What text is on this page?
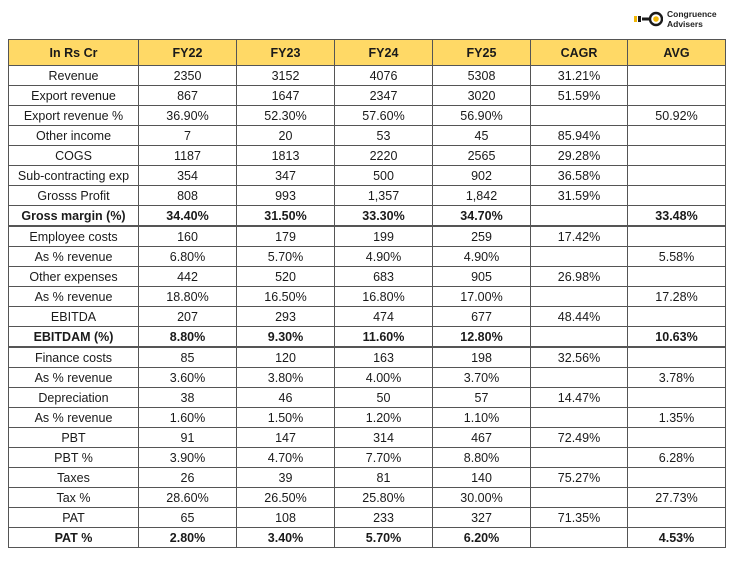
Congruence
Advisers
In Rs Cr	FY22	FY23	FY24	FY25	CAGR	AVG
Revenue	2350	3152	4076	5308	31.21%	
Export revenue	867	1647	2347	3020	51.59%	
Export revenue %	36.90%	52.30%	57.60%	56.90%		50.92%
Other income	7	20	53	45	85.94%	
COGS	1187	1813	2220	2565	29.28%	
Sub-contracting exp	354	347	500	902	36.58%	
Grosss Profit	808	993	1,357	1,842	31.59%	
Gross margin (%)	34.40%	31.50%	33.30%	34.70%		33.48%
Employee costs	160	179	199	259	17.42%	
As % revenue	6.80%	5.70%	4.90%	4.90%		5.58%
Other expenses	442	520	683	905	26.98%	
As % revenue	18.80%	16.50%	16.80%	17.00%		17.28%
EBITDA	207	293	474	677	48.44%	
EBITDAM (%)	8.80%	9.30%	11.60%	12.80%		10.63%
Finance costs	85	120	163	198	32.56%	
As % revenue	3.60%	3.80%	4.00%	3.70%		3.78%
Depreciation	38	46	50	57	14.47%	
As % revenue	1.60%	1.50%	1.20%	1.10%		1.35%
PBT	91	147	314	467	72.49%	
PBT %	3.90%	4.70%	7.70%	8.80%		6.28%
Taxes	26	39	81	140	75.27%	
Tax %	28.60%	26.50%	25.80%	30.00%		27.73%
PAT	65	108	233	327	71.35%	
PAT %	2.80%	3.40%	5.70%	6.20%		4.53%
